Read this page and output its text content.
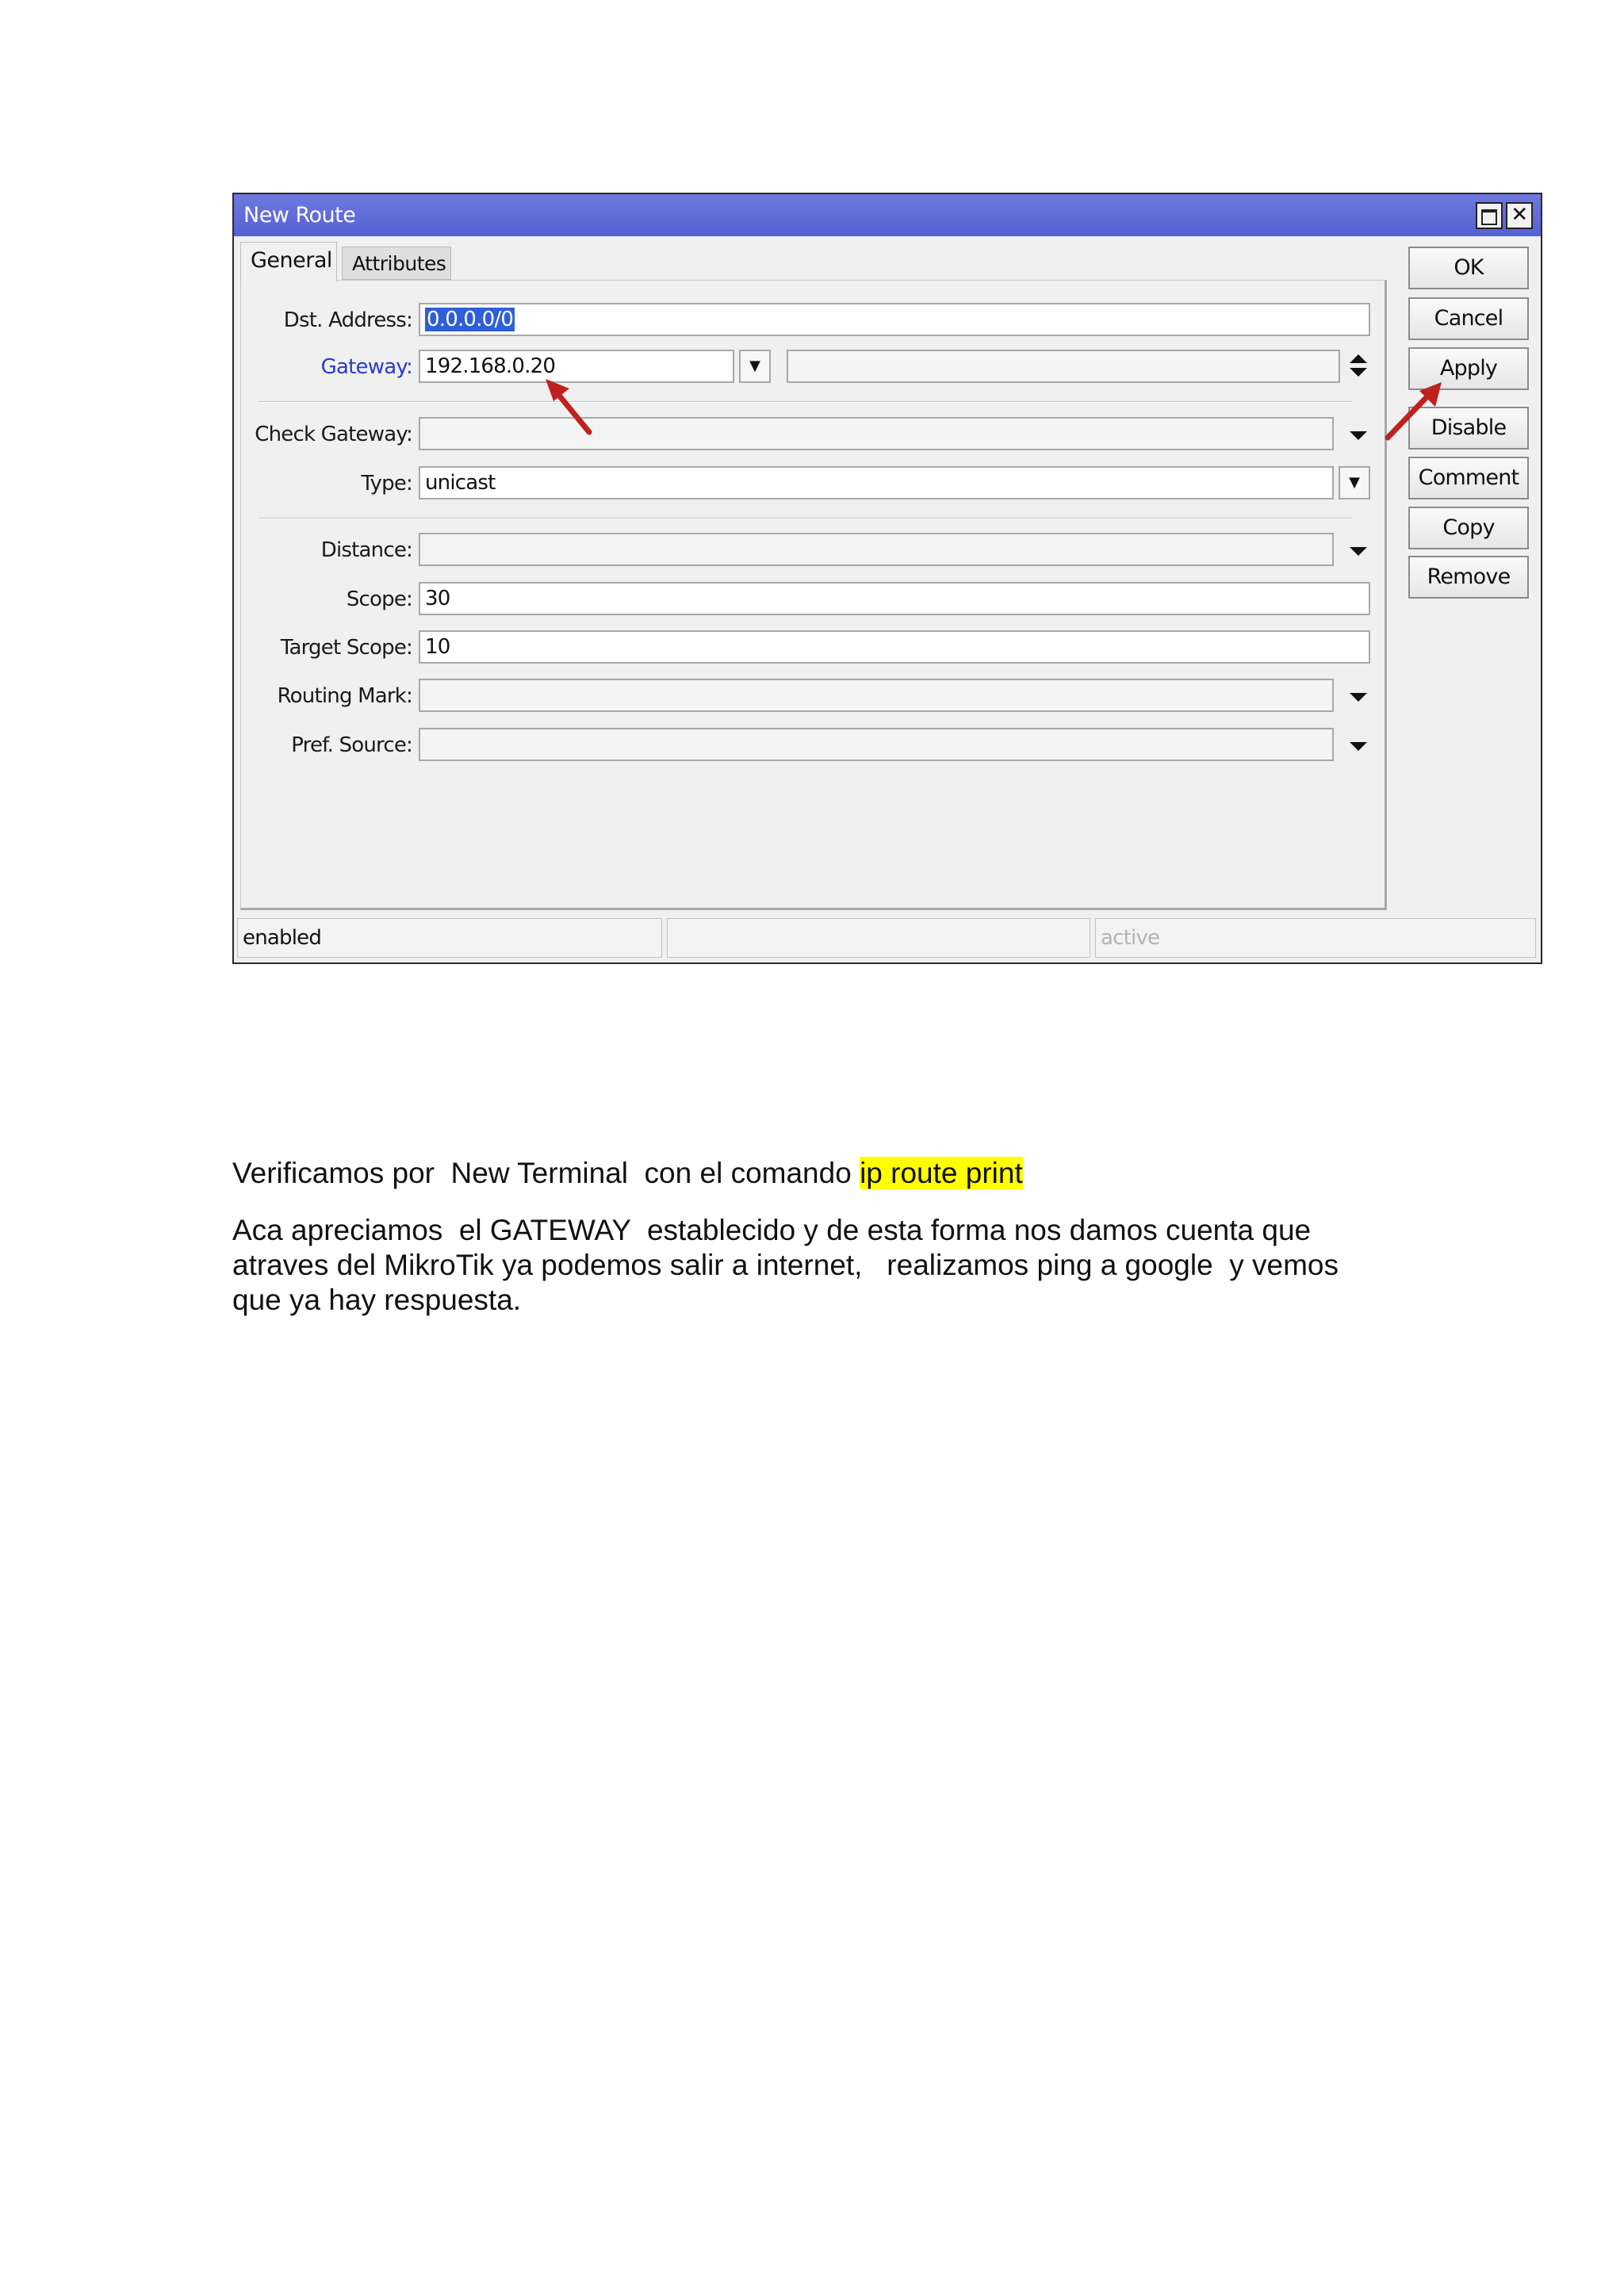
New Route	✕
General	Attributes
Dst. Address: 0.0.0.0/0
Gateway: 192.168.0.20	▼
Check Gateway:
Type: unicast	▼
Distance:
Scope: 30
Target Scope: 10
Routing Mark:
Pref. Source:
OK
Cancel
Apply
Disable
Comment
Copy
Remove
enabled	active
Verificamos por  New Terminal  con el comando ip route print
Aca apreciamos  el GATEWAY  establecido y de esta forma nos damos cuenta que
atraves del MikroTik ya podemos salir a internet,   realizamos ping a google  y vemos
que ya hay respuesta.
